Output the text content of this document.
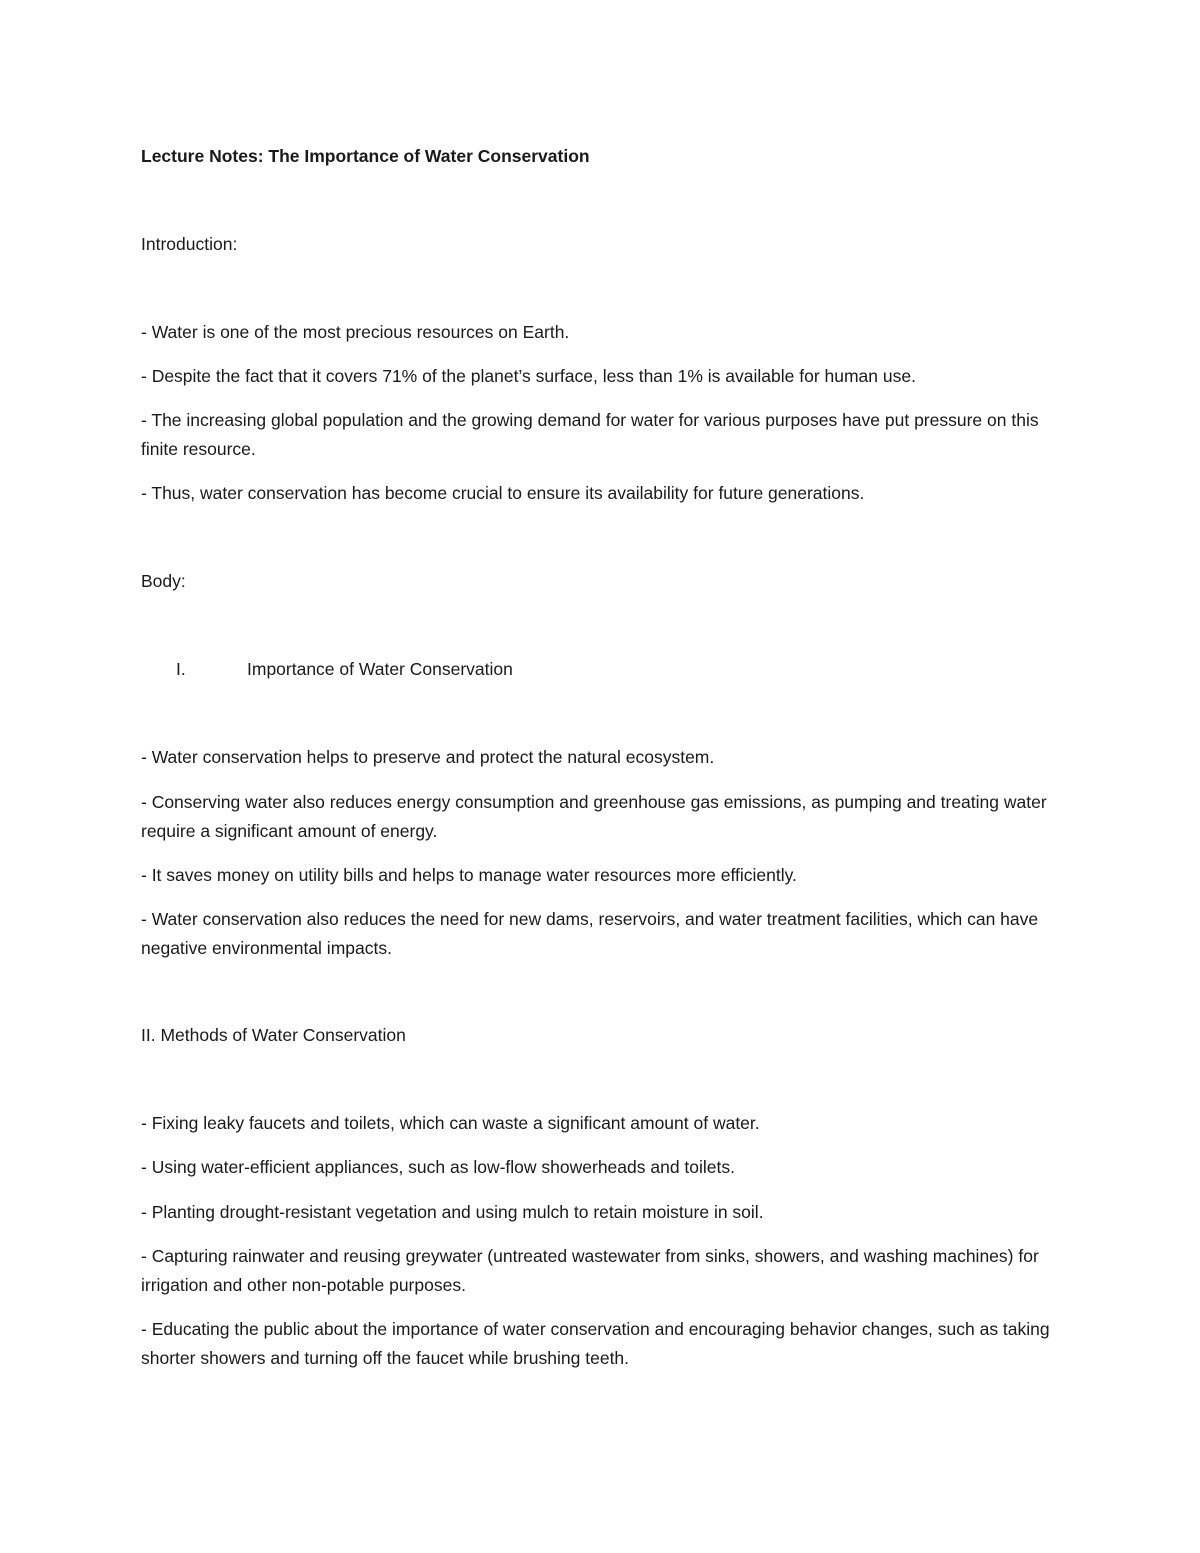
Lecture Notes: The Importance of Water Conservation

Introduction:

- Water is one of the most precious resources on Earth.

- Despite the fact that it covers 71% of the planet’s surface, less than 1% is available for human use.

- The increasing global population and the growing demand for water for various purposes have put pressure on this finite resource.

- Thus, water conservation has become crucial to ensure its availability for future generations.

Body:

I.	Importance of Water Conservation

- Water conservation helps to preserve and protect the natural ecosystem.

- Conserving water also reduces energy consumption and greenhouse gas emissions, as pumping and treating water require a significant amount of energy.

- It saves money on utility bills and helps to manage water resources more efficiently.

- Water conservation also reduces the need for new dams, reservoirs, and water treatment facilities, which can have negative environmental impacts.

II. Methods of Water Conservation

- Fixing leaky faucets and toilets, which can waste a significant amount of water.

- Using water-efficient appliances, such as low-flow showerheads and toilets.

- Planting drought-resistant vegetation and using mulch to retain moisture in soil.

- Capturing rainwater and reusing greywater (untreated wastewater from sinks, showers, and washing machines) for irrigation and other non-potable purposes.

- Educating the public about the importance of water conservation and encouraging behavior changes, such as taking shorter showers and turning off the faucet while brushing teeth.
